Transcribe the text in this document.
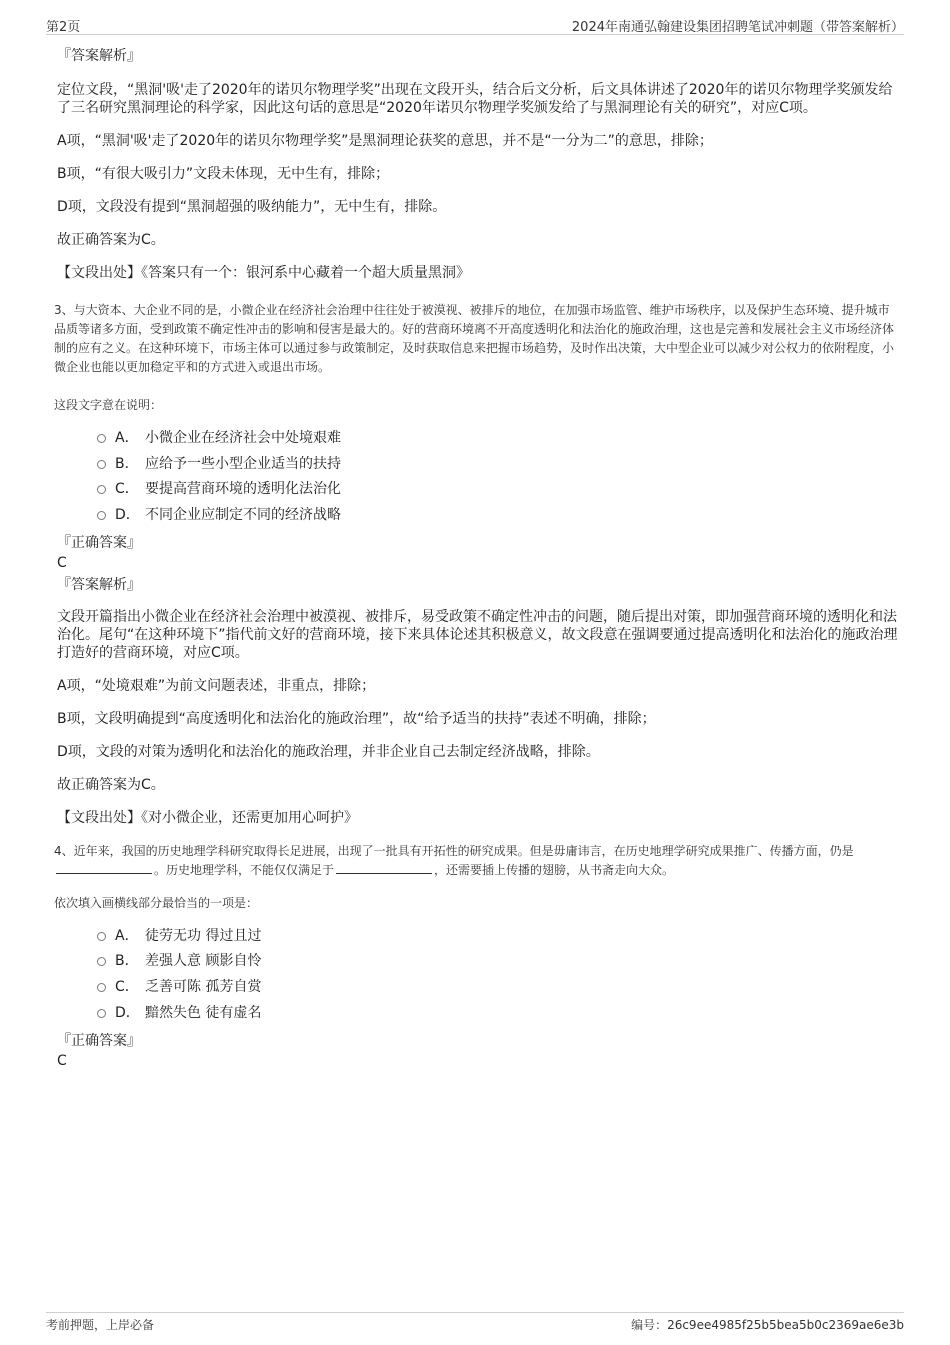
第2页	2024年南通弘翰建设集团招聘笔试冲刺题（带答案解析）
『答案解析』

定位文段，“黑洞'吸'走了2020年的诺贝尔物理学奖”出现在文段开头，结合后文分析，后文具体讲述了2020年的诺贝尔物理学奖颁发给了三名研究黑洞理论的科学家，因此这句话的意思是“2020年诺贝尔物理学奖颁发给了与黑洞理论有关的研究”，对应C项。

A项，“黑洞'吸'走了2020年的诺贝尔物理学奖”是黑洞理论获奖的意思，并不是“一分为二”的意思，排除；

B项，“有很大吸引力”文段未体现，无中生有，排除；

D项，文段没有提到“黑洞超强的吸纳能力”，无中生有，排除。

故正确答案为C。

【文段出处】《答案只有一个：银河系中心藏着一个超大质量黑洞》

3、与大资本、大企业不同的是，小微企业在经济社会治理中往往处于被漠视、被排斥的地位，在加强市场监管、维护市场秩序，以及保护生态环境、提升城市品质等诸多方面，受到政策不确定性冲击的影响和侵害是最大的。好的营商环境离不开高度透明化和法治化的施政治理，这也是完善和发展社会主义市场经济体制的应有之义。在这种环境下，市场主体可以通过参与政策制定，及时获取信息来把握市场趋势，及时作出决策，大中型企业可以减少对公权力的依附程度，小微企业也能以更加稳定平和的方式进入或退出市场。

这段文字意在说明：
A． 小微企业在经济社会中处境艰难
B． 应给予一些小型企业适当的扶持
C． 要提高营商环境的透明化法治化
D． 不同企业应制定不同的经济战略
『正确答案』
C
『答案解析』

文段开篇指出小微企业在经济社会治理中被漠视、被排斥，易受政策不确定性冲击的问题，随后提出对策，即加强营商环境的透明化和法治化。尾句“在这种环境下”指代前文好的营商环境，接下来具体论述其积极意义，故文段意在强调要通过提高透明化和法治化的施政治理打造好的营商环境，对应C项。

A项，“处境艰难”为前文问题表述，非重点，排除；

B项，文段明确提到“高度透明化和法治化的施政治理”，故“给予适当的扶持”表述不明确，排除；

D项，文段的对策为透明化和法治化的施政治理，并非企业自己去制定经济战略，排除。

故正确答案为C。

【文段出处】《对小微企业，还需更加用心呵护》

4、近年来，我国的历史地理学科研究取得长足进展，出现了一批具有开拓性的研究成果。但是毋庸讳言，在历史地理学研究成果推广、传播方面，仍是。历史地理学科，不能仅仅满足于	，还需要插上传播的翅膀，从书斋走向大众。

依次填入画横线部分最恰当的一项是：
A． 徒劳无功 得过且过
B． 差强人意 顾影自怜
C． 乏善可陈 孤芳自赏
D． 黯然失色 徒有虚名
『正确答案』
C
考前押题，上岸必备	编号：26c9ee4985f25b5bea5b0c2369ae6e3b
